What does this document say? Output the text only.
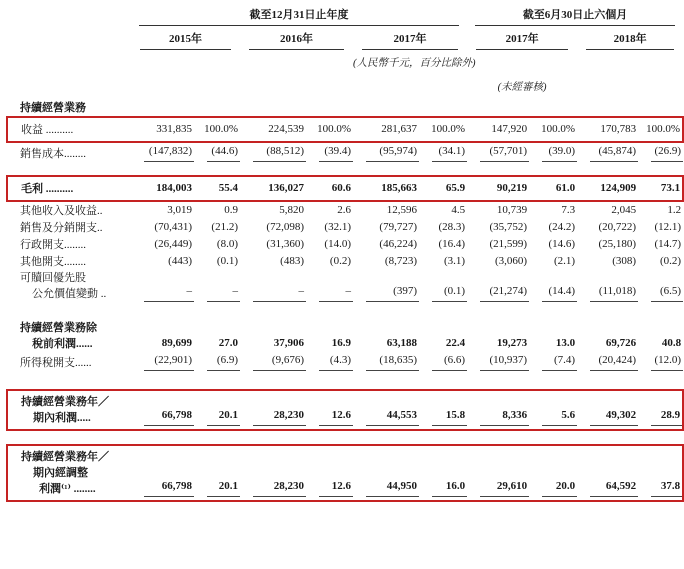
	截至12月31日止年度						截至6月30日止六個月			

	2015年		2016年		2017年		2017年		2018年	

					(人民幣千元，百分比除外)					

							(未經審核)			

持續經營業務										

收益 ..........	331,835	100.0%	224,539	100.0%	281,637	100.0%	147,920	100.0%	170,783	100.0%

銷售成本........	(147,832)	(44.6)	(88,512)	(39.4)	(95,974)	(34.1)	(57,701)	(39.0)	(45,874)	(26.9)

毛利 ..........	184,003	55.4	136,027	60.6	185,663	65.9	90,219	61.0	124,909	73.1

其他收入及收益..	3,019	0.9	5,820	2.6	12,596	4.5	10,739	7.3	2,045	1.2

銷售及分銷開支..	(70,431)	(21.2)	(72,098)	(32.1)	(79,727)	(28.3)	(35,752)	(24.2)	(20,722)	(12.1)

行政開支........	(26,449)	(8.0)	(31,360)	(14.0)	(46,224)	(16.4)	(21,599)	(14.6)	(25,180)	(14.7)

其他開支........	(443)	(0.1)	(483)	(0.2)	(8,723)	(3.1)	(3,060)	(2.1)	(308)	(0.2)

可贖回優先股
公允價值變動 ..	–	–	–	–	(397)	(0.1)	(21,274)	(14.4)	(11,018)	(6.5)

持續經營業務除
稅前利潤......	89,699	27.0	37,906	16.9	63,188	22.4	19,273	13.0	69,726	40.8

所得稅開支......	(22,901)	(6.9)	(9,676)	(4.3)	(18,635)	(6.6)	(10,937)	(7.4)	(20,424)	(12.0)

持續經營業務年／
期內利潤.....	66,798	20.1	28,230	12.6	44,553	15.8	8,336	5.6	49,302	28.9

持續經營業務年／
期內經調整
利潤⁽¹⁾ ........	66,798	20.1	28,230	12.6	44,950	16.0	29,610	20.0	64,592	37.8
